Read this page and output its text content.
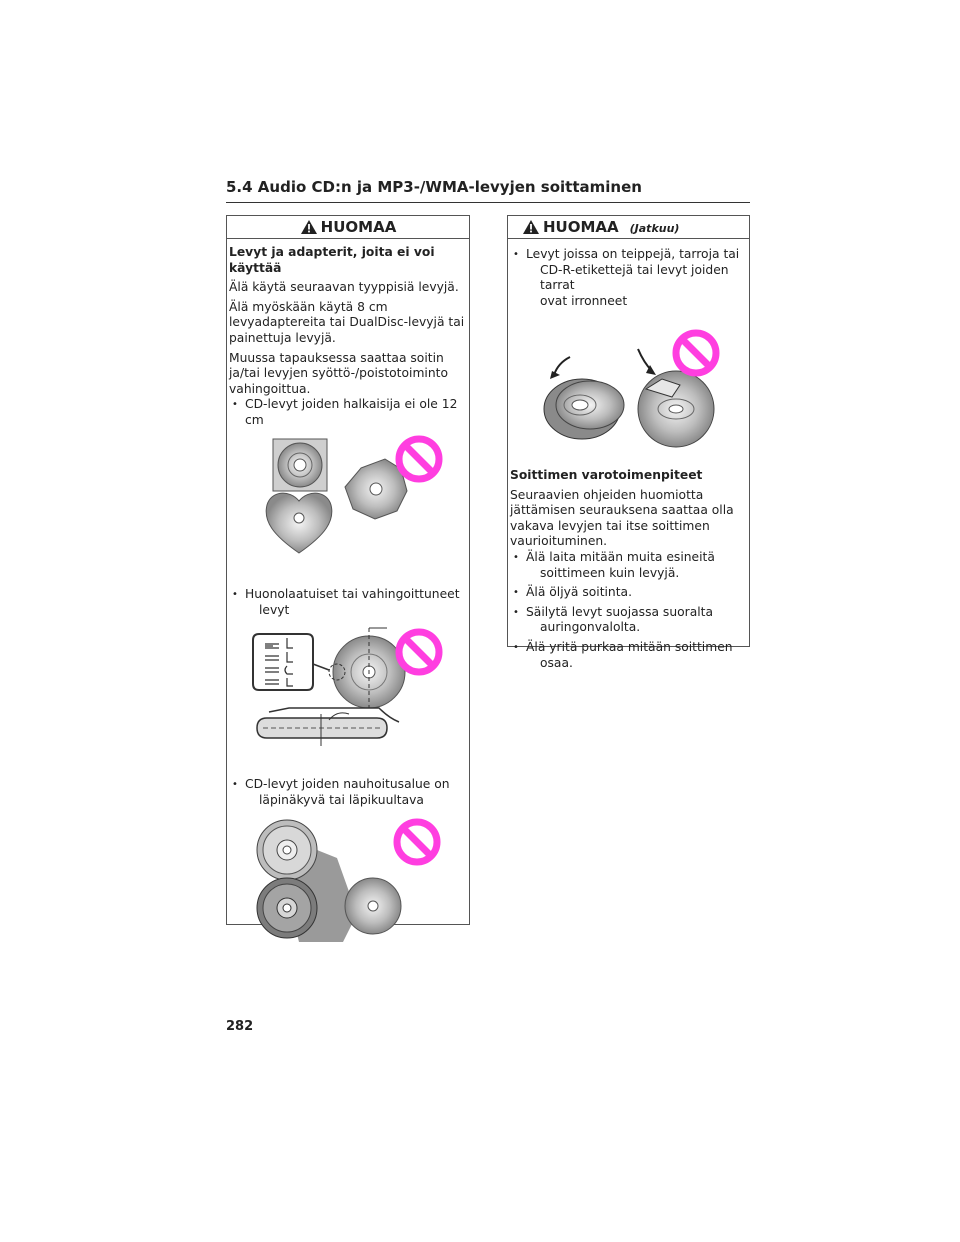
5.4 Audio CD:n ja MP3-/WMA-levyjen soittaminen
HUOMAA

Levyt ja adapterit, joita ei voi käyttää

Älä käytä seuraavan tyyppisiä levyjä.

Älä myöskään käytä 8 cm levyadaptereita tai DualDisc-levyjä tai painettuja levyjä.

Muussa tapauksessa saattaa soitin ja/tai levyjen syöttö-/poistotoiminto vahingoittua.

• CD-levyt joiden halkaisija ei ole 12 cm

• Huonolaatuiset tai vahingoittuneet
levyt

• CD-levyt joiden nauhoitusalue on
läpinäkyvä tai läpikuultava

HUOMAA (Jatkuu)

• Levyt joissa on teippejä, tarroja tai
CD-R-etikettejä tai levyt joiden tarrat
ovat irronneet

Soittimen varotoimenpiteet

Seuraavien ohjeiden huomiotta jättämisen seurauksena saattaa olla vakava levyjen tai itse soittimen vaurioituminen.

• Älä laita mitään muita esineitä
soittimeen kuin levyjä.

• Älä öljyä soitinta.

• Säilytä levyt suojassa suoralta
auringonvalolta.

• Älä yritä purkaa mitään soittimen
osaa.

282
